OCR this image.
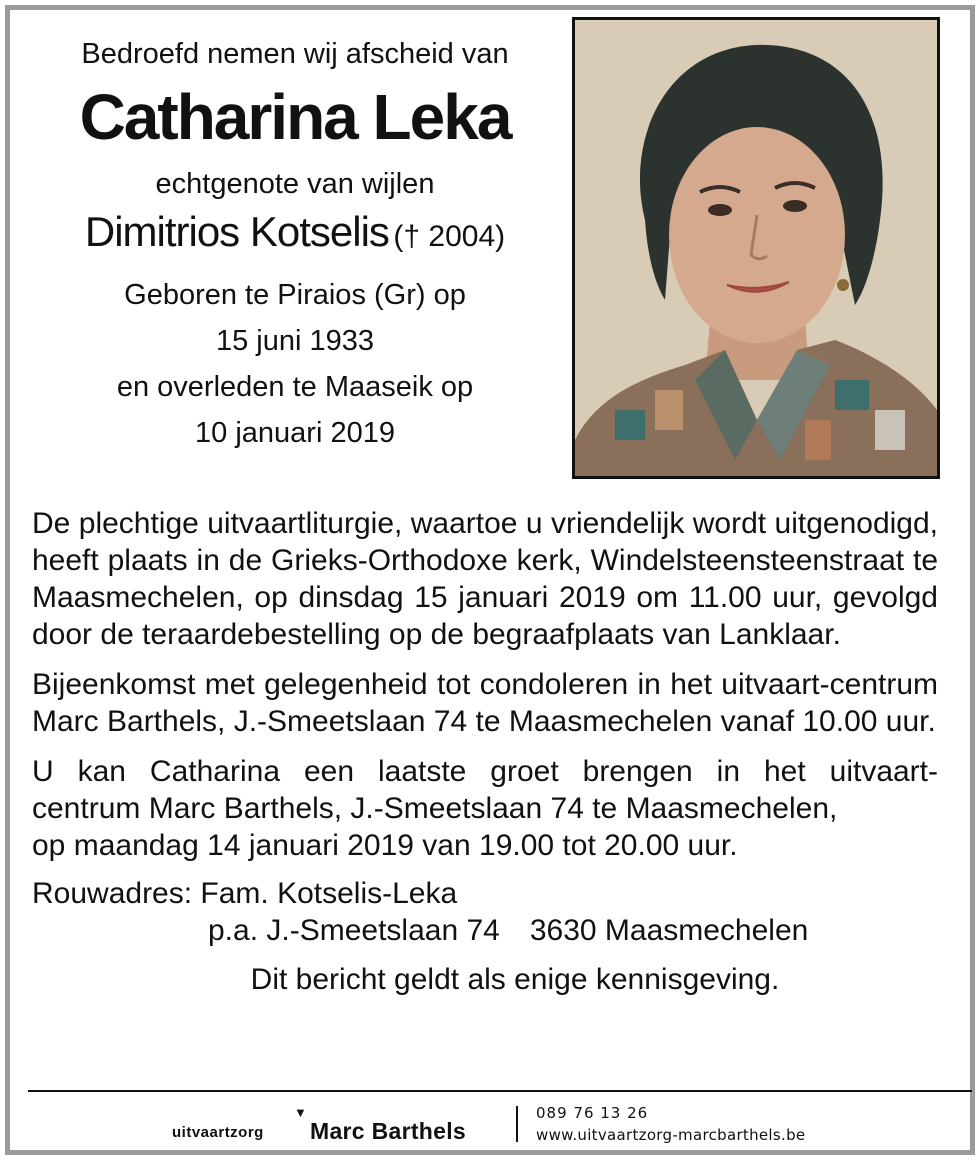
Bedroefd nemen wij afscheid van
Catharina Leka
echtgenote van wijlen
Dimitrios Kotselis († 2004)
Geboren te Piraios (Gr) op
15 juni 1933
en overleden te Maaseik op
10 januari 2019

De plechtige uitvaartliturgie, waartoe u vriendelijk wordt uitgenodigd, heeft plaats in de Grieks-Orthodoxe kerk, Windelsteensteenstraat te Maasmechelen, op dinsdag 15 januari 2019 om 11.00 uur, gevolgd door de teraardebestelling op de begraafplaats van Lanklaar.

Bijeenkomst met gelegenheid tot condoleren in het uitvaart-centrum Marc Barthels, J.-Smeetslaan 74 te Maasmechelen vanaf 10.00 uur.

U kan Catharina een laatste groet brengen in het uitvaart-
centrum Marc Barthels, J.-Smeetslaan 74 te Maasmechelen,
op maandag 14 januari 2019 van 19.00 tot 20.00 uur.

Rouwadres: Fam. Kotselis-Leka
p.a. J.-Smeetslaan 74 3630 Maasmechelen
Dit bericht geldt als enige kennisgeving.
uitvaartzorg
▼
Marc Barthels
089 76 13 26
www.uitvaartzorg-marcbarthels.be
